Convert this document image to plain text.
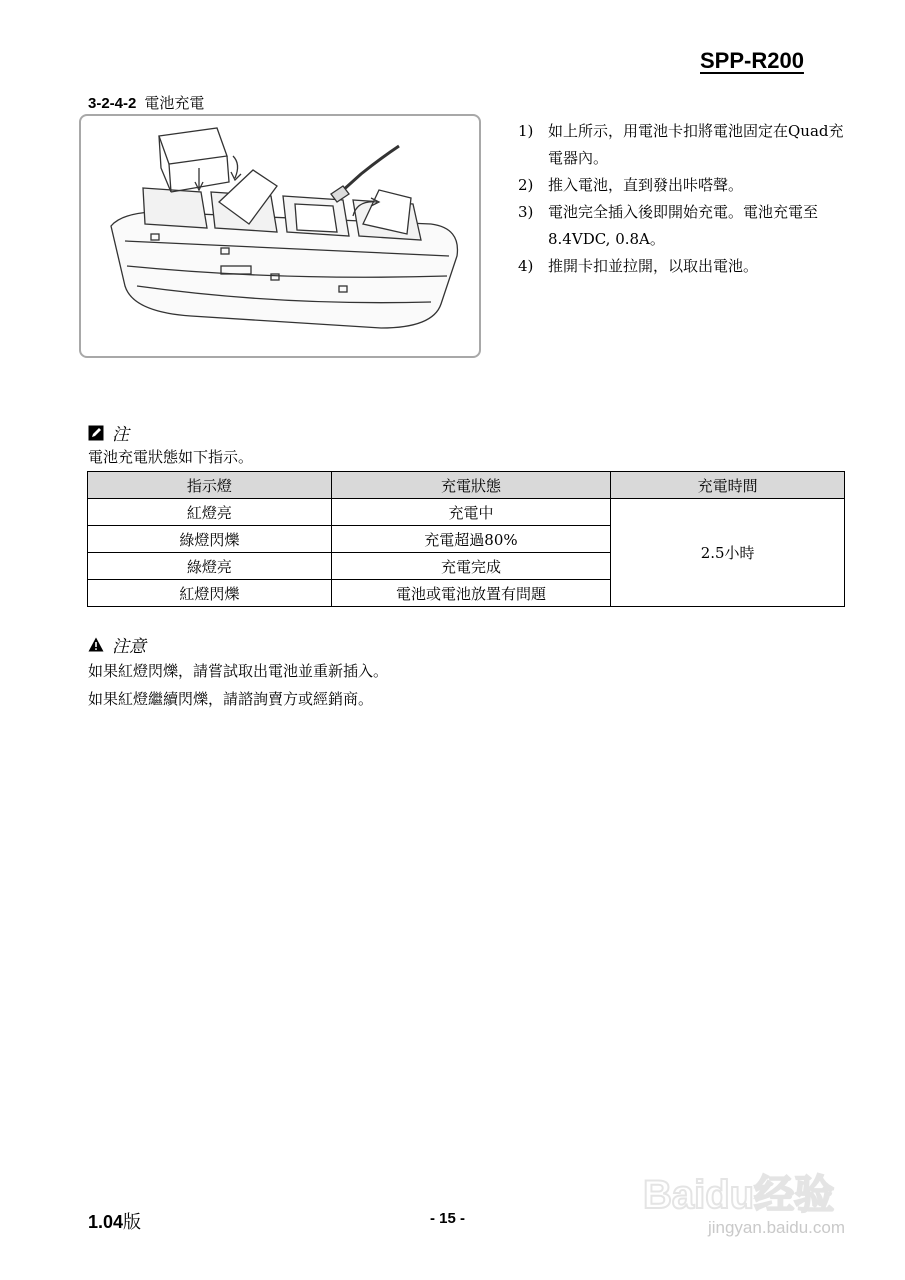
SPP-R200
3-2-4-2 電池充電
1) 如上所示，用電池卡扣將電池固定在Quad充電器內。
2) 推入電池，直到發出咔嗒聲。
3) 電池完全插入後即開始充電。電池充電至8.4VDC, 0.8A。
4) 推開卡扣並拉開，以取出電池。
注
電池充電狀態如下指示。
指示燈	充電狀態	充電時間
紅燈亮	充電中	2.5小時
綠燈閃爍	充電超過80%	
綠燈亮	充電完成	
紅燈閃爍	電池或電池放置有問題	
注意
如果紅燈閃爍，請嘗試取出電池並重新插入。
如果紅燈繼續閃爍，請諮詢賣方或經銷商。
1.04版	- 15 -
Baidu经验
jingyan.baidu.com
